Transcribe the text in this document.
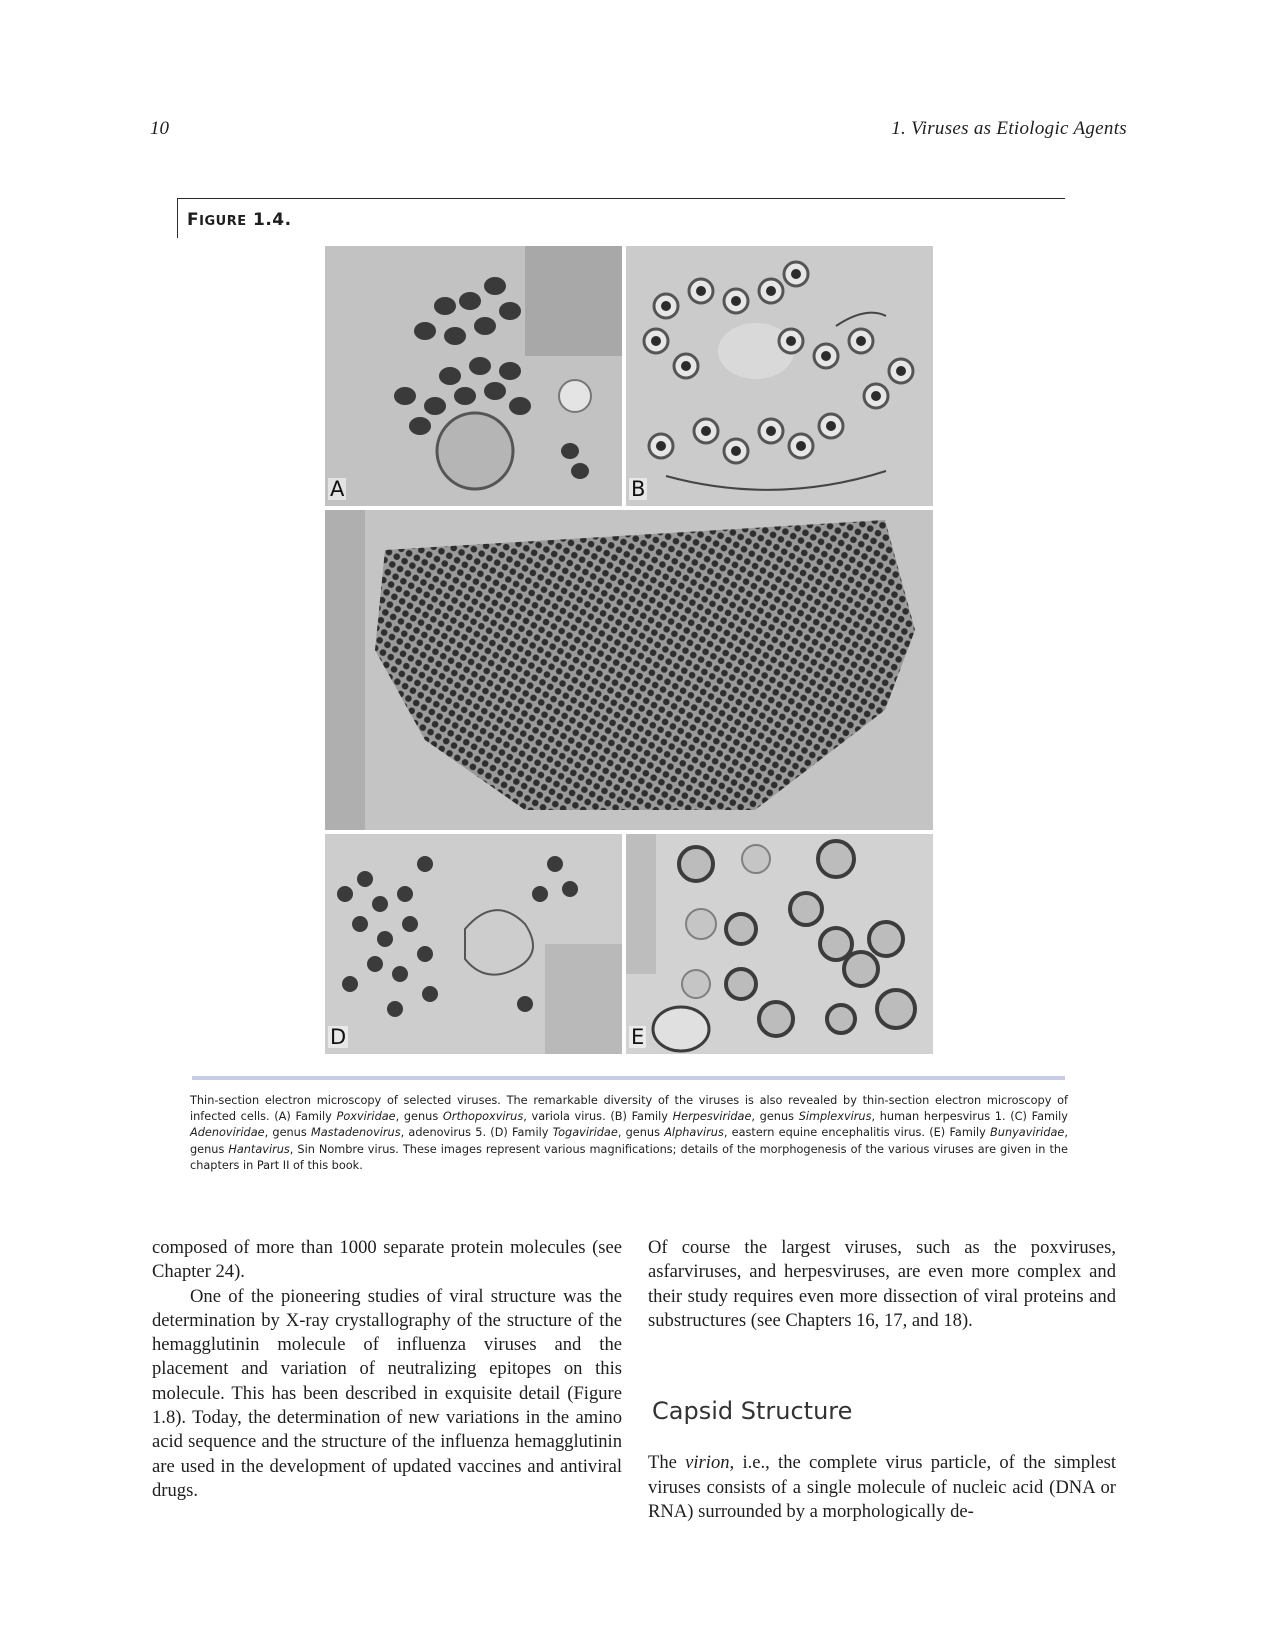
10	1. Viruses as Etiologic Agents
FIGURE 1.4.
A	B
D	E
Thin-section electron microscopy of selected viruses. The remarkable diversity of the viruses is also revealed by thin-section electron microscopy of infected cells. (A) Family Poxviridae, genus Orthopoxvirus, variola virus. (B) Family Herpesviridae, genus Simplexvirus, human herpesvirus 1. (C) Family Adenoviridae, genus Mastadenovirus, adenovirus 5. (D) Family Togaviridae, genus Alphavirus, eastern equine encephalitis virus. (E) Family Bunyaviridae, genus Hantavirus, Sin Nombre virus. These images represent various magnifications; details of the morphogenesis of the various viruses are given in the chapters in Part II of this book.

composed of more than 1000 separate protein molecules (see Chapter 24).

One of the pioneering studies of viral structure was the determination by X-ray crystallography of the structure of the hemagglutinin molecule of influenza viruses and the placement and variation of neutralizing epitopes on this molecule. This has been described in exquisite detail (Figure 1.8). Today, the determination of new variations in the amino acid sequence and the structure of the influenza hemagglutinin are used in the development of updated vaccines and antiviral drugs.

Of course the largest viruses, such as the poxviruses, asfarviruses, and herpesviruses, are even more complex and their study requires even more dissection of viral proteins and substructures (see Chapters 16, 17, and 18).

Capsid Structure

The virion, i.e., the complete virus particle, of the simplest viruses consists of a single molecule of nucleic acid (DNA or RNA) surrounded by a morphologically de-
